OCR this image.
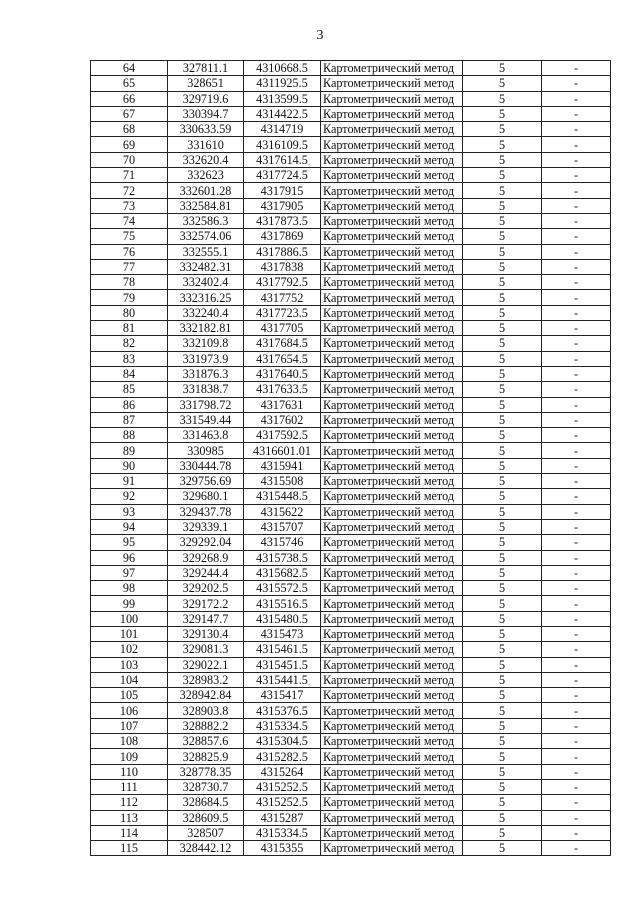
3
64	327811.1	4310668.5	Картометрический метод	5	-
65	328651	4311925.5	Картометрический метод	5	-
66	329719.6	4313599.5	Картометрический метод	5	-
67	330394.7	4314422.5	Картометрический метод	5	-
68	330633.59	4314719	Картометрический метод	5	-
69	331610	4316109.5	Картометрический метод	5	-
70	332620.4	4317614.5	Картометрический метод	5	-
71	332623	4317724.5	Картометрический метод	5	-
72	332601.28	4317915	Картометрический метод	5	-
73	332584.81	4317905	Картометрический метод	5	-
74	332586.3	4317873.5	Картометрический метод	5	-
75	332574.06	4317869	Картометрический метод	5	-
76	332555.1	4317886.5	Картометрический метод	5	-
77	332482.31	4317838	Картометрический метод	5	-
78	332402.4	4317792.5	Картометрический метод	5	-
79	332316.25	4317752	Картометрический метод	5	-
80	332240.4	4317723.5	Картометрический метод	5	-
81	332182.81	4317705	Картометрический метод	5	-
82	332109.8	4317684.5	Картометрический метод	5	-
83	331973.9	4317654.5	Картометрический метод	5	-
84	331876.3	4317640.5	Картометрический метод	5	-
85	331838.7	4317633.5	Картометрический метод	5	-
86	331798.72	4317631	Картометрический метод	5	-
87	331549.44	4317602	Картометрический метод	5	-
88	331463.8	4317592.5	Картометрический метод	5	-
89	330985	4316601.01	Картометрический метод	5	-
90	330444.78	4315941	Картометрический метод	5	-
91	329756.69	4315508	Картометрический метод	5	-
92	329680.1	4315448.5	Картометрический метод	5	-
93	329437.78	4315622	Картометрический метод	5	-
94	329339.1	4315707	Картометрический метод	5	-
95	329292.04	4315746	Картометрический метод	5	-
96	329268.9	4315738.5	Картометрический метод	5	-
97	329244.4	4315682.5	Картометрический метод	5	-
98	329202.5	4315572.5	Картометрический метод	5	-
99	329172.2	4315516.5	Картометрический метод	5	-
100	329147.7	4315480.5	Картометрический метод	5	-
101	329130.4	4315473	Картометрический метод	5	-
102	329081.3	4315461.5	Картометрический метод	5	-
103	329022.1	4315451.5	Картометрический метод	5	-
104	328983.2	4315441.5	Картометрический метод	5	-
105	328942.84	4315417	Картометрический метод	5	-
106	328903.8	4315376.5	Картометрический метод	5	-
107	328882.2	4315334.5	Картометрический метод	5	-
108	328857.6	4315304.5	Картометрический метод	5	-
109	328825.9	4315282.5	Картометрический метод	5	-
110	328778.35	4315264	Картометрический метод	5	-
111	328730.7	4315252.5	Картометрический метод	5	-
112	328684.5	4315252.5	Картометрический метод	5	-
113	328609.5	4315287	Картометрический метод	5	-
114	328507	4315334.5	Картометрический метод	5	-
115	328442.12	4315355	Картометрический метод	5	-
